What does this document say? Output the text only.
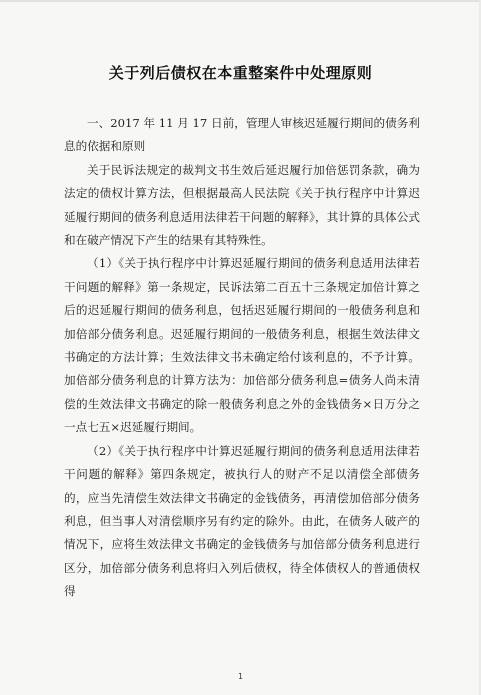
关于列后债权在本重整案件中处理原则

一、2017 年 11 月 17 日前，管理人审核迟延履行期间的债务利息的依据和原则

关于民诉法规定的裁判文书生效后延迟履行加倍惩罚条款，确为法定的债权计算方法，但根据最高人民法院《关于执行程序中计算迟延履行期间的债务利息适用法律若干问题的解释》，其计算的具体公式和在破产情况下产生的结果有其特殊性。

（1）《关于执行程序中计算迟延履行期间的债务利息适用法律若干问题的解释》第一条规定，民诉法第二百五十三条规定加倍计算之后的迟延履行期间的债务利息，包括迟延履行期间的一般债务利息和加倍部分债务利息。迟延履行期间的一般债务利息，根据生效法律文书确定的方法计算；生效法律文书未确定给付该利息的，不予计算。加倍部分债务利息的计算方法为：加倍部分债务利息=债务人尚未清偿的生效法律文书确定的除一般债务利息之外的金钱债务×日万分之一点七五×迟延履行期间。

（2）《关于执行程序中计算迟延履行期间的债务利息适用法律若干问题的解释》第四条规定，被执行人的财产不足以清偿全部债务的，应当先清偿生效法律文书确定的金钱债务，再清偿加倍部分债务利息，但当事人对清偿顺序另有约定的除外。由此，在债务人破产的情况下，应将生效法律文书确定的金钱债务与加倍部分债务利息进行区分，加倍部分债务利息将归入列后债权，待全体债权人的普通债权得

1
